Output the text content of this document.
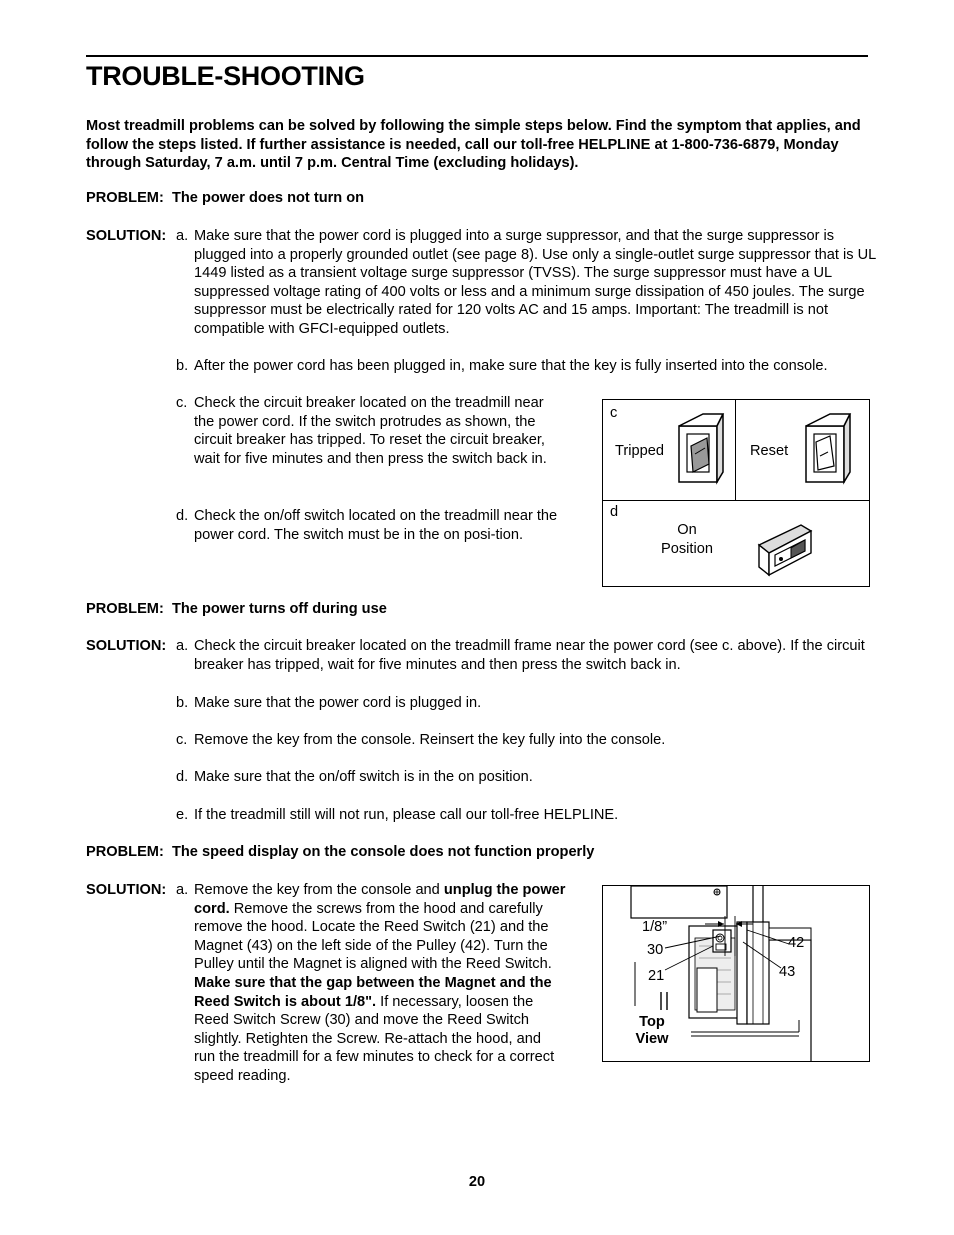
TROUBLE-SHOOTING
Most treadmill problems can be solved by following the simple steps below. Find the symptom that applies, and follow the steps listed. If further assistance is needed, call our toll-free HELPLINE at 1-800-736-6879, Monday through Saturday, 7 a.m. until 7 p.m. Central Time (excluding holidays).
PROBLEM: The power does not turn on
SOLUTION: a. Make sure that the power cord is plugged into a surge suppressor, and that the surge suppressor is plugged into a properly grounded outlet (see page 8). Use only a single-outlet surge suppressor that is UL 1449 listed as a transient voltage surge suppressor (TVSS). The surge suppressor must have a UL suppressed voltage rating of 400 volts or less and a minimum surge dissipation of 450 joules. The surge suppressor must be electrically rated for 120 volts AC and 15 amps. Important: The treadmill is not compatible with GFCI-equipped outlets.
b. After the power cord has been plugged in, make sure that the key is fully inserted into the console.
c. Check the circuit breaker located on the treadmill near the power cord. If the switch protrudes as shown, the circuit breaker has tripped. To reset the circuit breaker, wait for five minutes and then press the switch back in.
d. Check the on/off switch located on the treadmill near the power cord. The switch must be in the on posi-tion.
c
Tripped	Reset
d
On
Position
PROBLEM: The power turns off during use
SOLUTION: a. Check the circuit breaker located on the treadmill frame near the power cord (see c. above). If the circuit breaker has tripped, wait for five minutes and then press the switch back in.
b. Make sure that the power cord is plugged in.
c. Remove the key from the console. Reinsert the key fully into the console.
d. Make sure that the on/off switch is in the on position.
e. If the treadmill still will not run, please call our toll-free HELPLINE.
PROBLEM: The speed display on the console does not function properly
SOLUTION: a. Remove the key from the console and unplug the power cord. Remove the screws from the hood and carefully remove the hood. Locate the Reed Switch (21) and the Magnet (43) on the left side of the Pulley (42). Turn the Pulley until the Magnet is aligned with the Reed Switch. Make sure that the gap between the Magnet and the Reed Switch is about 1/8". If necessary, loosen the Reed Switch Screw (30) and move the Reed Switch slightly. Retighten the Screw. Re-attach the hood, and run the treadmill for a few minutes to check for a correct speed reading.
1/8”
30
21
42
43
Top
View
20
